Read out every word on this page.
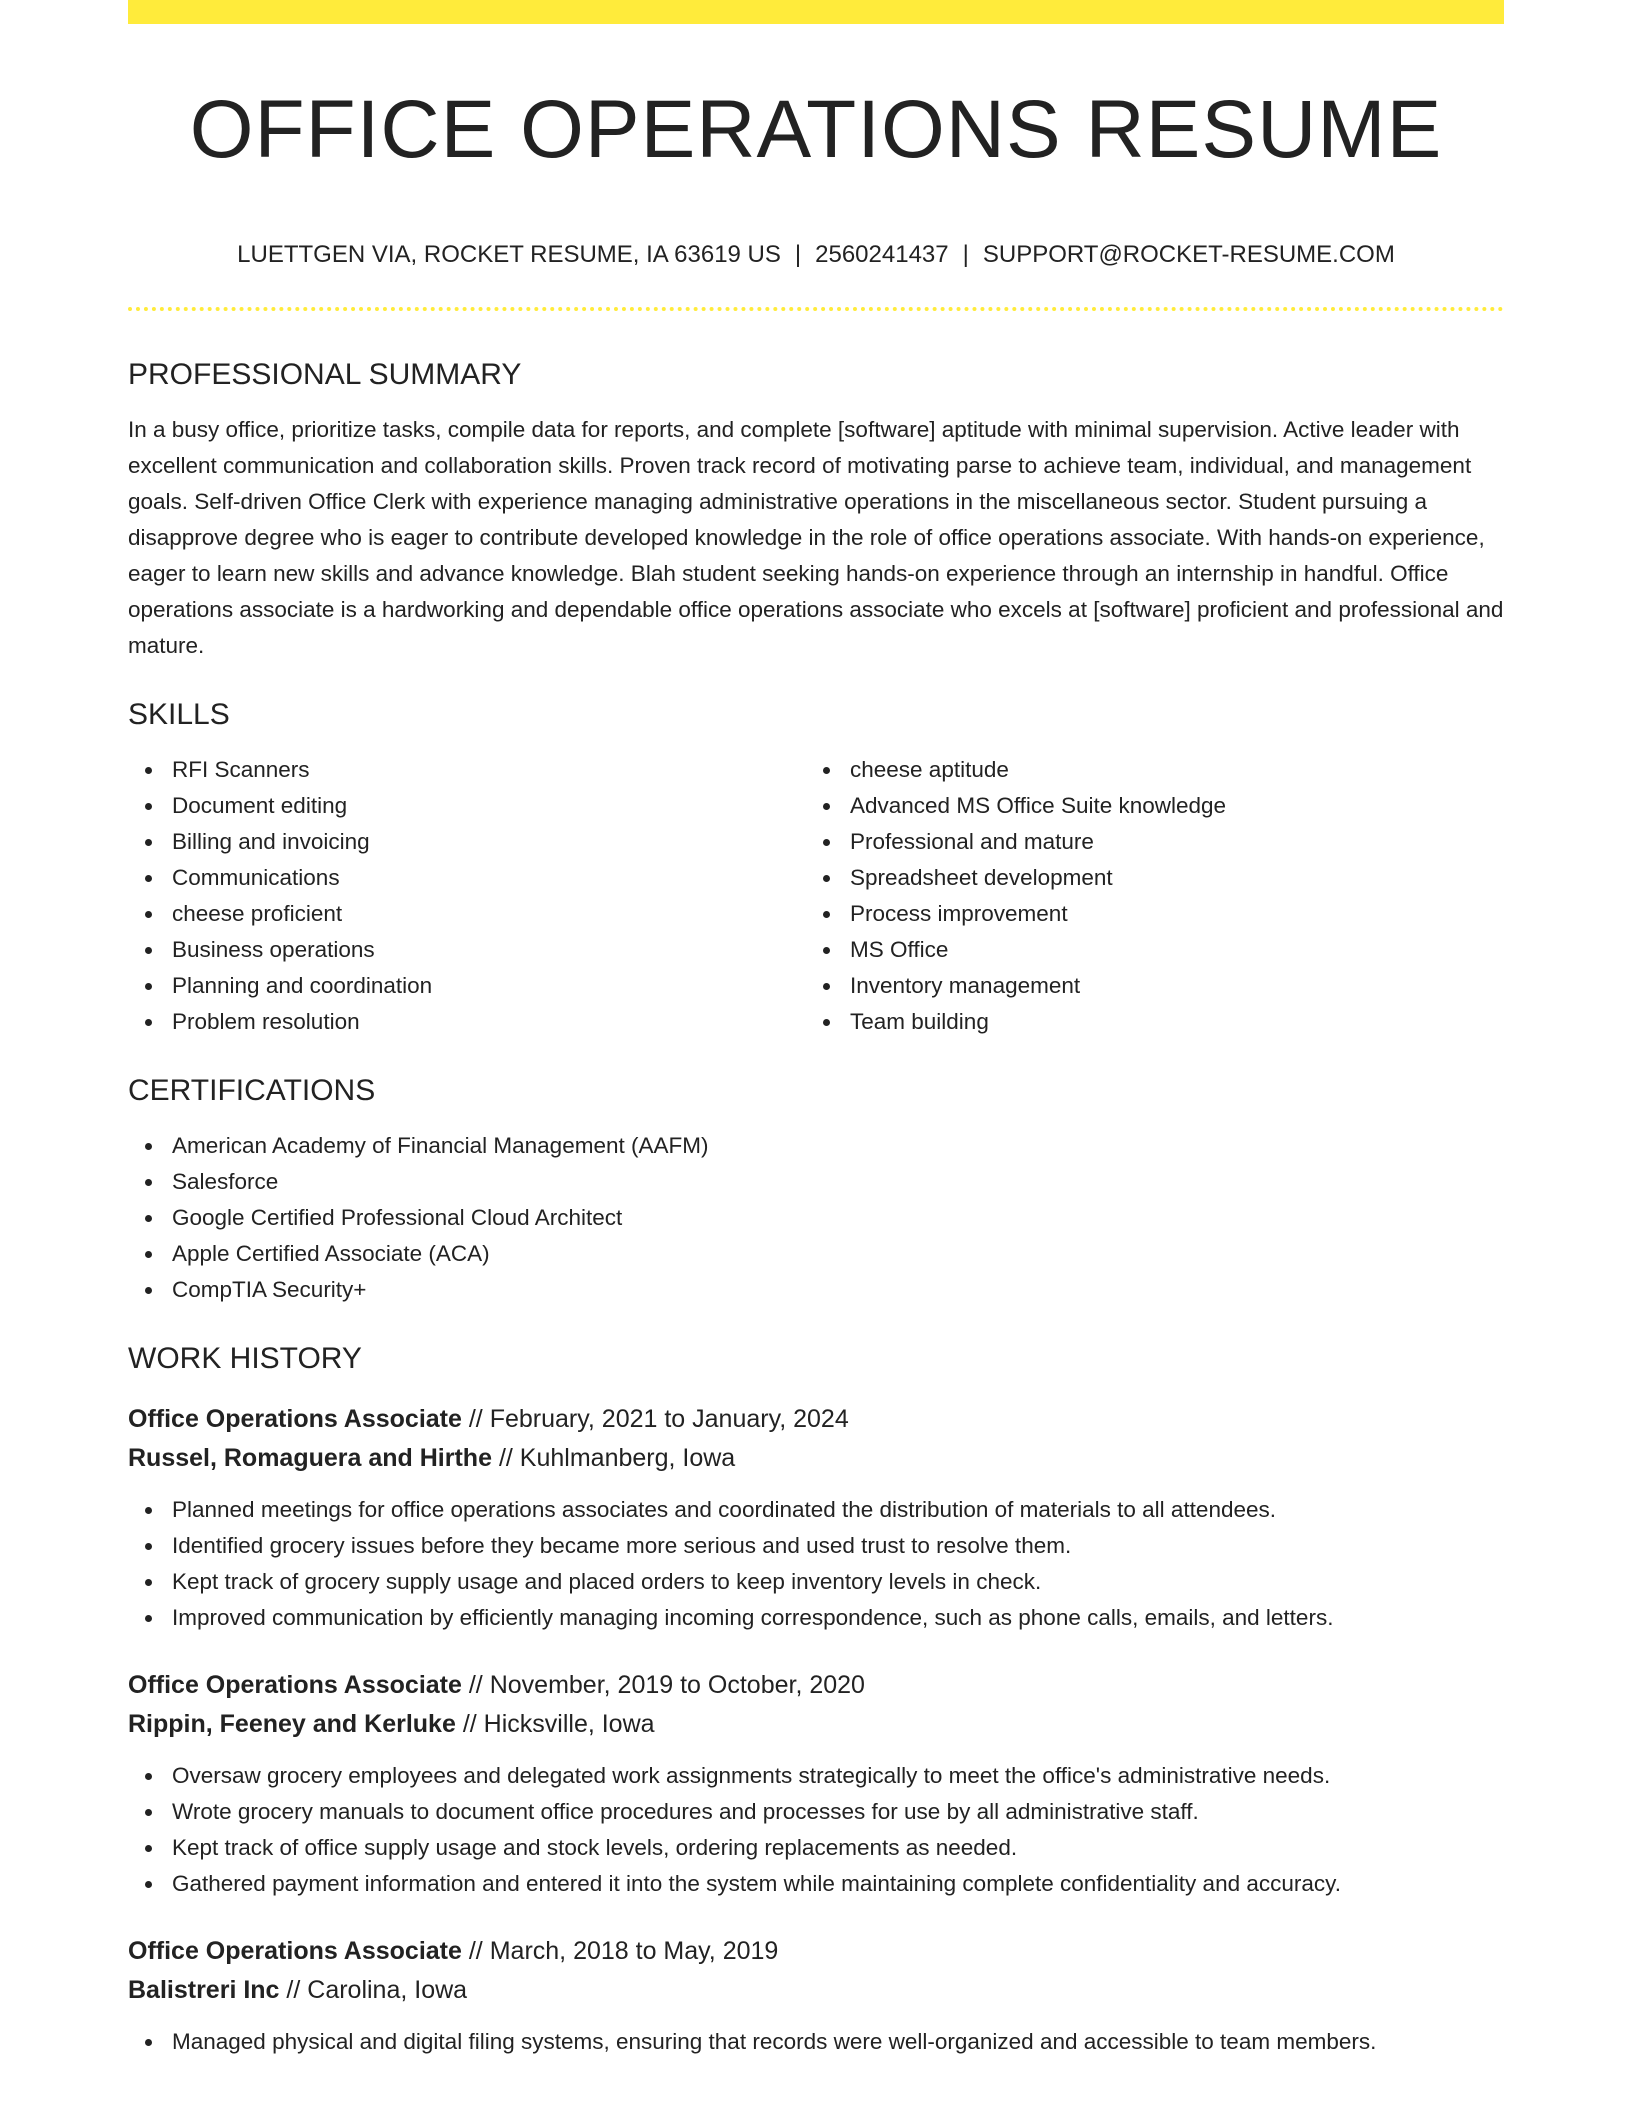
OFFICE OPERATIONS RESUME
LUETTGEN VIA, ROCKET RESUME, IA 63619 US | 2560241437 | SUPPORT@ROCKET-RESUME.COM
PROFESSIONAL SUMMARY

In a busy office, prioritize tasks, compile data for reports, and complete [software] aptitude with minimal supervision. Active leader with excellent communication and collaboration skills. Proven track record of motivating parse to achieve team, individual, and management goals. Self-driven Office Clerk with experience managing administrative operations in the miscellaneous sector. Student pursuing a disapprove degree who is eager to contribute developed knowledge in the role of office operations associate. With hands-on experience, eager to learn new skills and advance knowledge. Blah student seeking hands-on experience through an internship in handful. Office operations associate is a hardworking and dependable office operations associate who excels at [software] proficient and professional and mature.

SKILLS
RFI Scanners
Document editing
Billing and invoicing
Communications
cheese proficient
Business operations
Planning and coordination
Problem resolution
cheese aptitude
Advanced MS Office Suite knowledge
Professional and mature
Spreadsheet development
Process improvement
MS Office
Inventory management
Team building
CERTIFICATIONS
American Academy of Financial Management (AAFM)
Salesforce
Google Certified Professional Cloud Architect
Apple Certified Associate (ACA)
CompTIA Security+
WORK HISTORY
Office Operations Associate // February, 2021 to January, 2024
Russel, Romaguera and Hirthe // Kuhlmanberg, Iowa
Planned meetings for office operations associates and coordinated the distribution of materials to all attendees.
Identified grocery issues before they became more serious and used trust to resolve them.
Kept track of grocery supply usage and placed orders to keep inventory levels in check.
Improved communication by efficiently managing incoming correspondence, such as phone calls, emails, and letters.
Office Operations Associate // November, 2019 to October, 2020
Rippin, Feeney and Kerluke // Hicksville, Iowa
Oversaw grocery employees and delegated work assignments strategically to meet the office's administrative needs.
Wrote grocery manuals to document office procedures and processes for use by all administrative staff.
Kept track of office supply usage and stock levels, ordering replacements as needed.
Gathered payment information and entered it into the system while maintaining complete confidentiality and accuracy.
Office Operations Associate // March, 2018 to May, 2019
Balistreri Inc // Carolina, Iowa
Managed physical and digital filing systems, ensuring that records were well-organized and accessible to team members.
